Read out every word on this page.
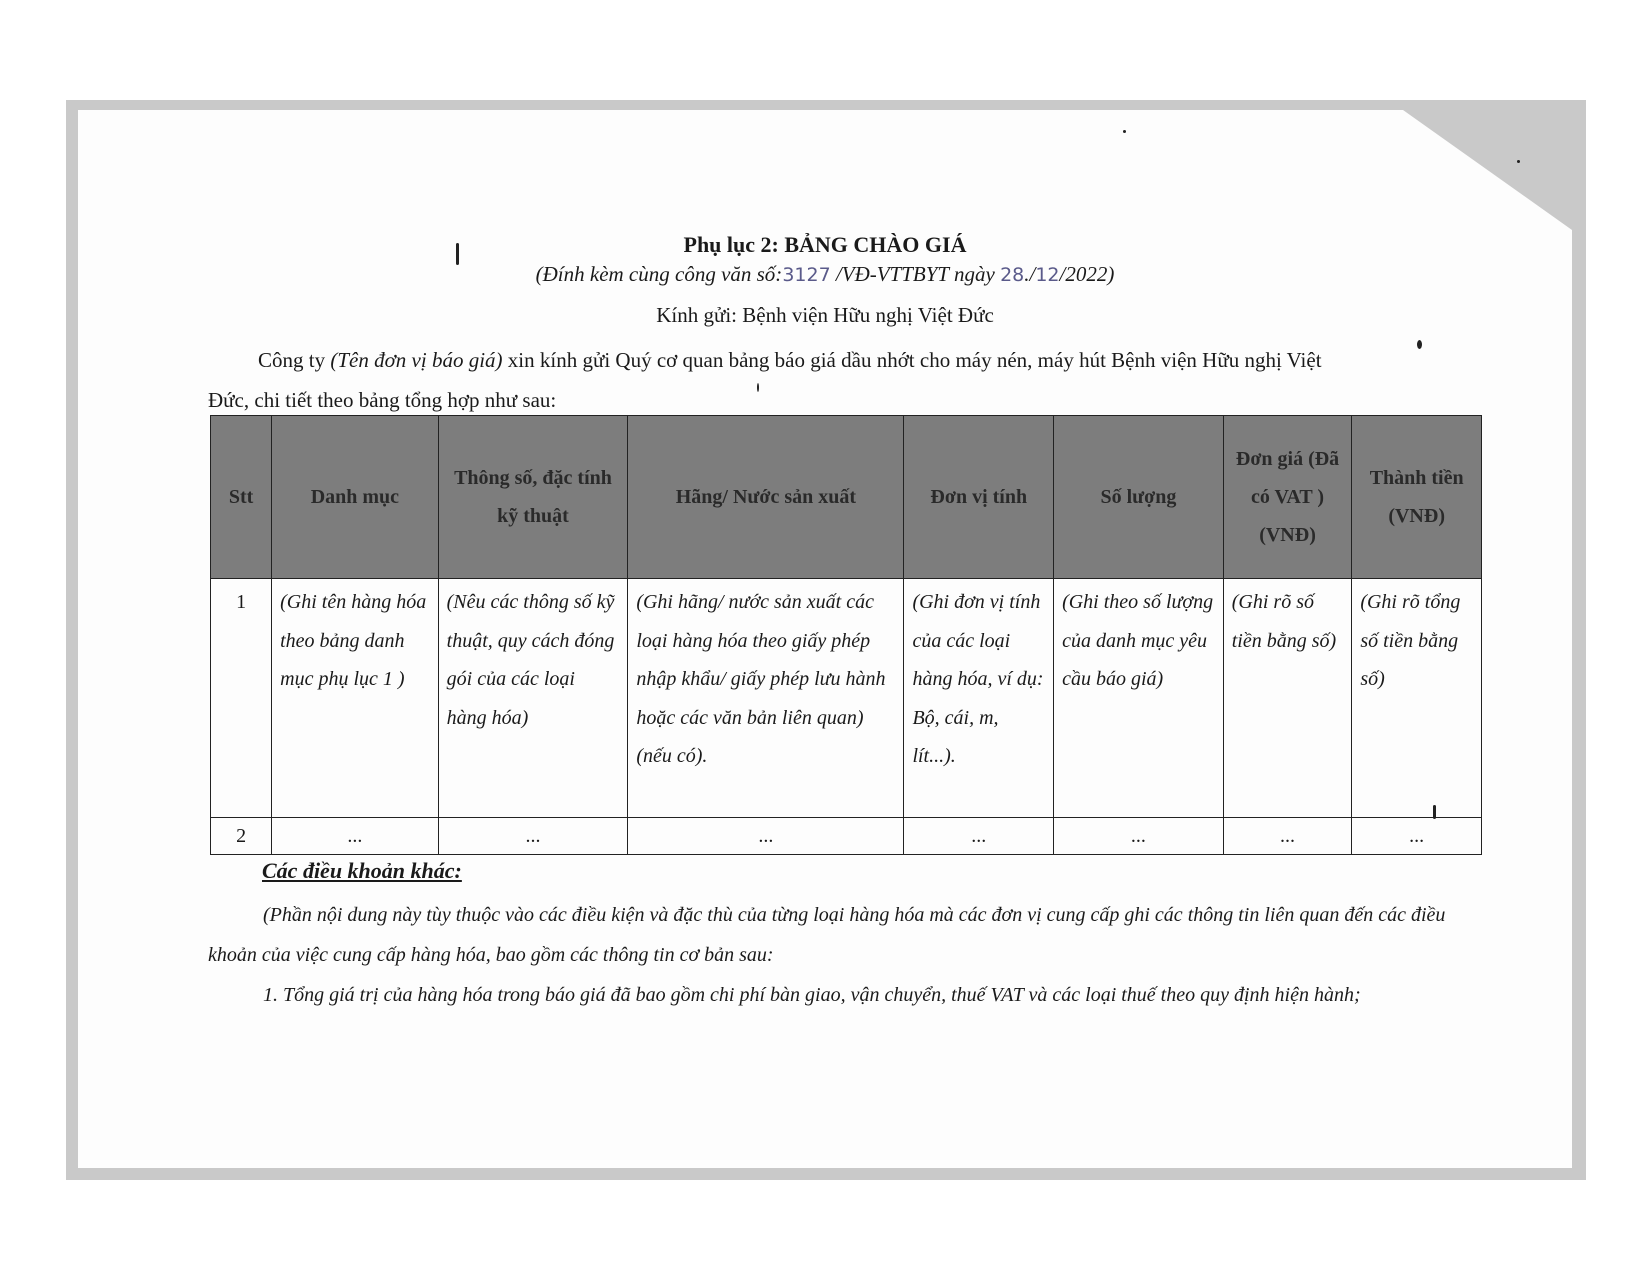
Phụ lục 2: BẢNG CHÀO GIÁ
(Đính kèm cùng công văn số:3127 /VĐ-VTTBYT ngày 28./12/2022)
Kính gửi: Bệnh viện Hữu nghị Việt Đức
Công ty (Tên đơn vị báo giá) xin kính gửi Quý cơ quan bảng báo giá dầu nhớt cho máy nén, máy hút Bệnh viện Hữu nghị Việt Đức, chi tiết theo bảng tổng hợp như sau:
Stt	Danh mục	Thông số, đặc tính kỹ thuật	Hãng/ Nước sản xuất	Đơn vị tính	Số lượng	Đơn giá (Đã có VAT ) (VNĐ)	Thành tiền (VNĐ)
1	(Ghi tên hàng hóa theo bảng danh mục phụ lục 1 )	(Nêu các thông số kỹ thuật, quy cách đóng gói của các loại hàng hóa)	(Ghi hãng/ nước sản xuất các loại hàng hóa theo giấy phép nhập khẩu/ giấy phép lưu hành hoặc các văn bản liên quan)(nếu có).	(Ghi đơn vị tính của các loại hàng hóa, ví dụ: Bộ, cái, m, lít...).	(Ghi theo số lượng của danh mục yêu cầu báo giá)	(Ghi rõ số tiền bằng số)	(Ghi rõ tổng số tiền bằng số)
2	...	...	...	...	...	...	...
Các điều khoản khác:
(Phần nội dung này tùy thuộc vào các điều kiện và đặc thù của từng loại hàng hóa mà các đơn vị cung cấp ghi các thông tin liên quan đến các điều khoản của việc cung cấp hàng hóa, bao gồm các thông tin cơ bản sau:
1. Tổng giá trị của hàng hóa trong báo giá đã bao gồm chi phí bàn giao, vận chuyển, thuế VAT và các loại thuế theo quy định hiện hành;
